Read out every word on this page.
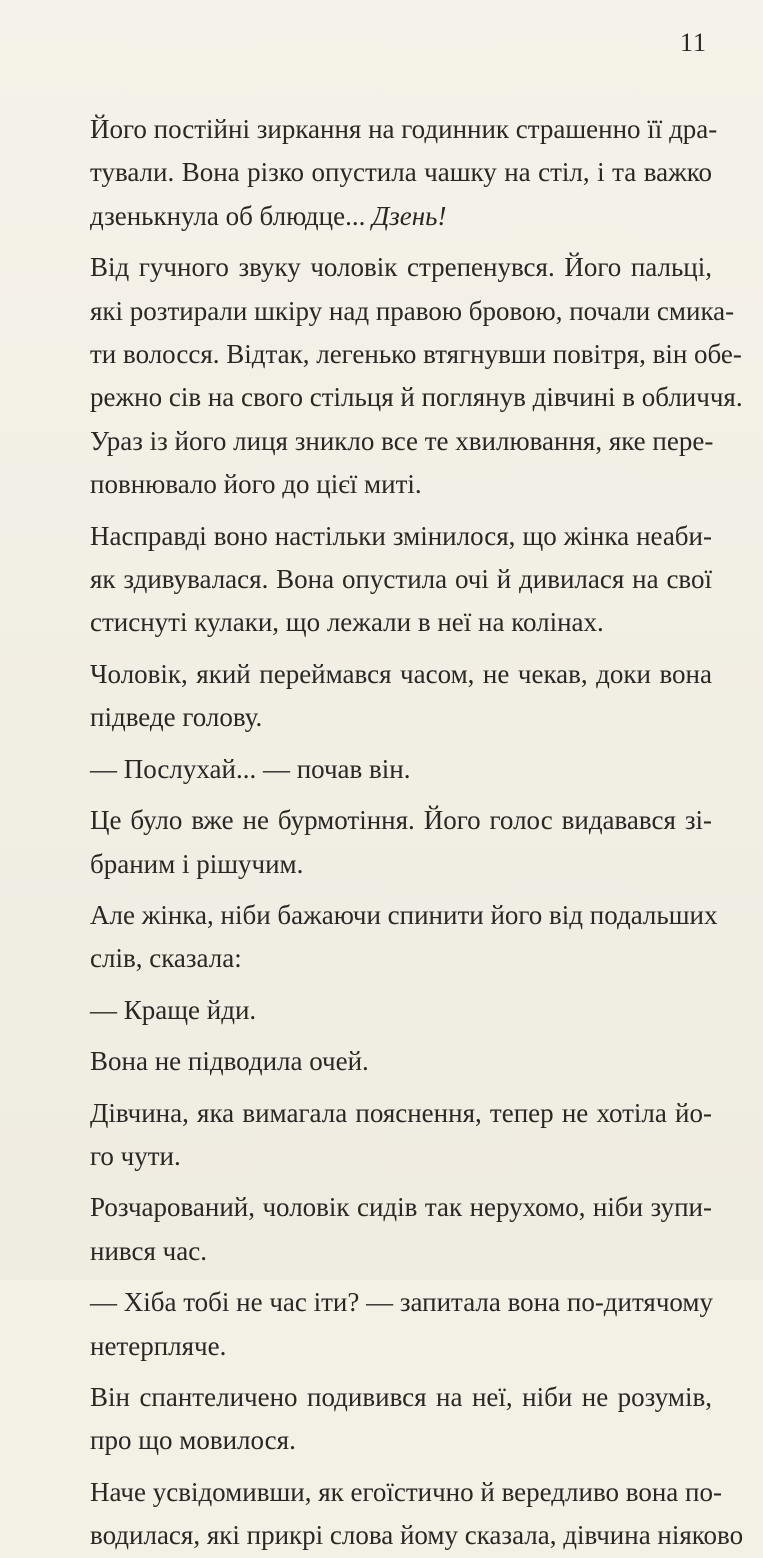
11
Його постійні зиркання на годинник страшенно її дра-
тували. Вона різко опустила чашку на стіл, і та важко
дзенькнула об блюдце... Дзень!
Від гучного звуку чоловік стрепенувся. Його пальці,
які розтирали шкіру над правою бровою, почали смика-
ти волосся. Відтак, легенько втягнувши повітря, він обе-
режно сів на свого стільця й поглянув дівчині в обличчя.
Ураз із його лиця зникло все те хвилювання, яке пере-
повнювало його до цієї миті.
Насправді воно настільки змінилося, що жінка неаби-
як здивувалася. Вона опустила очі й дивилася на свої
стиснуті кулаки, що лежали в неї на колінах.
Чоловік, який переймався часом, не чекав, доки вона
підведе голову.
— Послухай... — почав він.
Це було вже не бурмотіння. Його голос видавався зі-
браним і рішучим.
Але жінка, ніби бажаючи спинити його від подальших
слів, сказала:
— Краще йди.
Вона не підводила очей.
Дівчина, яка вимагала пояснення, тепер не хотіла йо-
го чути.
Розчарований, чоловік сидів так нерухомо, ніби зупи-
нився час.
— Хіба тобі не час іти? — запитала вона по-дитячому
нетерпляче.
Він спантеличено подивився на неї, ніби не розумів,
про що мовилося.
Наче усвідомивши, як егоїстично й вередливо вона по-
водилася, які прикрі слова йому сказала, дівчина ніяково
